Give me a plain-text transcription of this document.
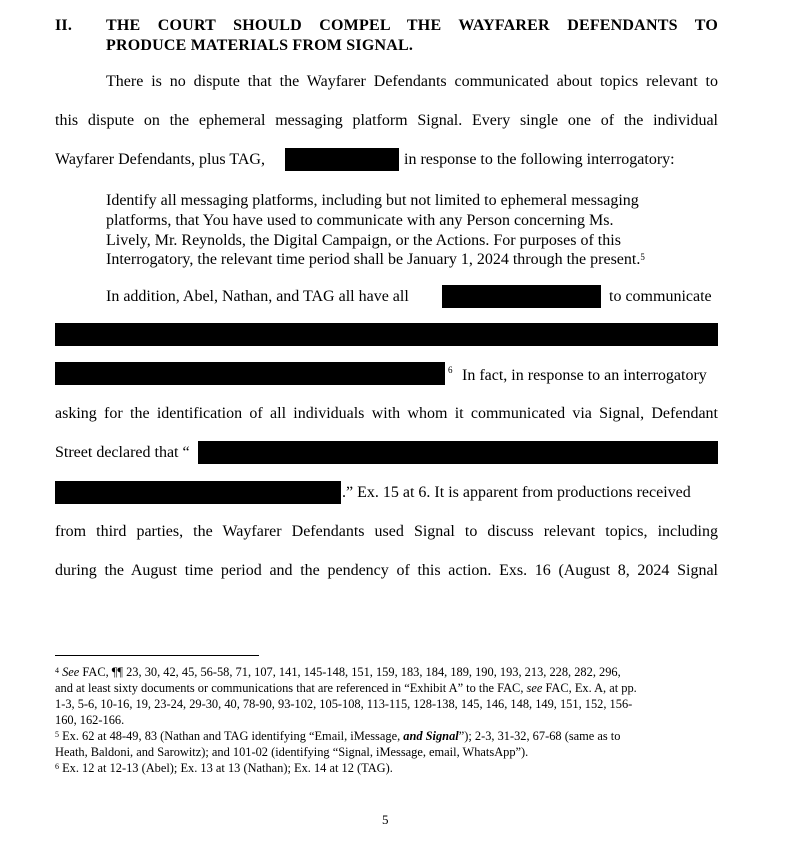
II. THE COURT SHOULD COMPEL THE WAYFARER DEFENDANTS TO
PRODUCE MATERIALS FROM SIGNAL.
There is no dispute that the Wayfarer Defendants communicated about topics relevant to
this dispute on the ephemeral messaging platform Signal. Every single one of the individual
Wayfarer Defendants, plus TAG,	in response to the following interrogatory:
Identify all messaging platforms, including but not limited to ephemeral messaging
platforms, that You have used to communicate with any Person concerning Ms.
Lively, Mr. Reynolds, the Digital Campaign, or the Actions. For purposes of this
Interrogatory, the relevant time period shall be January 1, 2024 through the present.$^5$
In addition, Abel, Nathan, and TAG all have all	to communicate
$^6$ In fact, in response to an interrogatory
asking for the identification of all individuals with whom it communicated via Signal, Defendant
Street declared that “
.” Ex. 15 at 6. It is apparent from productions received
from third parties, the Wayfarer Defendants used Signal to discuss relevant topics, including
during the August time period and the pendency of this action. Exs. 16 (August 8, 2024 Signal
$^4$ See FAC, ¶¶ 23, 30, 42, 45, 56-58, 71, 107, 141, 145-148, 151, 159, 183, 184, 189, 190, 193, 213, 228, 282, 296,
and at least sixty documents or communications that are referenced in “Exhibit A” to the FAC, see FAC, Ex. A, at pp.
1-3, 5-6, 10-16, 19, 23-24, 29-30, 40, 78-90, 93-102, 105-108, 113-115, 128-138, 145, 146, 148, 149, 151, 152, 156-
160, 162-166.
$^5$ Ex. 62 at 48-49, 83 (Nathan and TAG identifying “Email, iMessage, and Signal”); 2-3, 31-32, 67-68 (same as to
Heath, Baldoni, and Sarowitz); and 101-02 (identifying “Signal, iMessage, email, WhatsApp”).
$^6$ Ex. 12 at 12-13 (Abel); Ex. 13 at 13 (Nathan); Ex. 14 at 12 (TAG).
5
